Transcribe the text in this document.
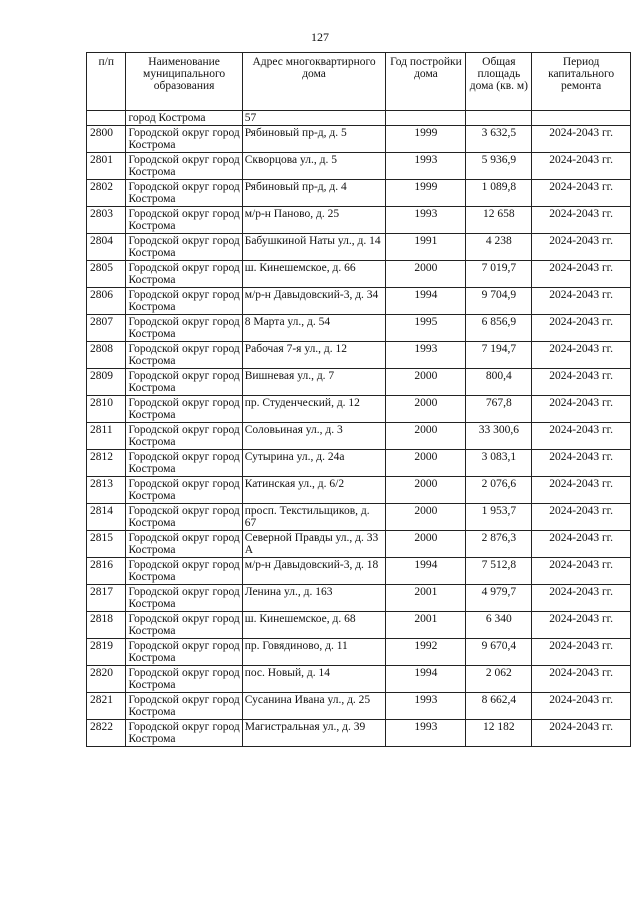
127
п/п	Наименование муниципального образования	Адрес многоквартирного дома	Год постройки дома	Общая площадь дома (кв. м)	Период капитального ремонта
	город Кострома	57			
2800	Городской округ город Кострома	Рябиновый пр-д, д. 5	1999	3 632,5	2024-2043 гг.
2801	Городской округ город Кострома	Скворцова ул., д. 5	1993	5 936,9	2024-2043 гг.
2802	Городской округ город Кострома	Рябиновый пр-д, д. 4	1999	1 089,8	2024-2043 гг.
2803	Городской округ город Кострома	м/р-н Паново, д. 25	1993	12 658	2024-2043 гг.
2804	Городской округ город Кострома	Бабушкиной Наты ул., д. 14	1991	4 238	2024-2043 гг.
2805	Городской округ город Кострома	ш. Кинешемское, д. 66	2000	7 019,7	2024-2043 гг.
2806	Городской округ город Кострома	м/р-н Давыдовский-3, д. 34	1994	9 704,9	2024-2043 гг.
2807	Городской округ город Кострома	8 Марта ул., д. 54	1995	6 856,9	2024-2043 гг.
2808	Городской округ город Кострома	Рабочая 7-я ул., д. 12	1993	7 194,7	2024-2043 гг.
2809	Городской округ город Кострома	Вишневая ул., д. 7	2000	800,4	2024-2043 гг.
2810	Городской округ город Кострома	пр. Студенческий, д. 12	2000	767,8	2024-2043 гг.
2811	Городской округ город Кострома	Соловьиная ул., д. 3	2000	33 300,6	2024-2043 гг.
2812	Городской округ город Кострома	Сутырина ул., д. 24а	2000	3 083,1	2024-2043 гг.
2813	Городской округ город Кострома	Катинская ул., д. 6/2	2000	2 076,6	2024-2043 гг.
2814	Городской округ город Кострома	просп. Текстильщиков, д. 67	2000	1 953,7	2024-2043 гг.
2815	Городской округ город Кострома	Северной Правды ул., д. 33 А	2000	2 876,3	2024-2043 гг.
2816	Городской округ город Кострома	м/р-н Давыдовский-3, д. 18	1994	7 512,8	2024-2043 гг.
2817	Городской округ город Кострома	Ленина ул., д. 163	2001	4 979,7	2024-2043 гг.
2818	Городской округ город Кострома	ш. Кинешемское, д. 68	2001	6 340	2024-2043 гг.
2819	Городской округ город Кострома	пр. Говядиново, д. 11	1992	9 670,4	2024-2043 гг.
2820	Городской округ город Кострома	пос. Новый, д. 14	1994	2 062	2024-2043 гг.
2821	Городской округ город Кострома	Сусанина Ивана ул., д. 25	1993	8 662,4	2024-2043 гг.
2822	Городской округ город Кострома	Магистральная ул., д. 39	1993	12 182	2024-2043 гг.
